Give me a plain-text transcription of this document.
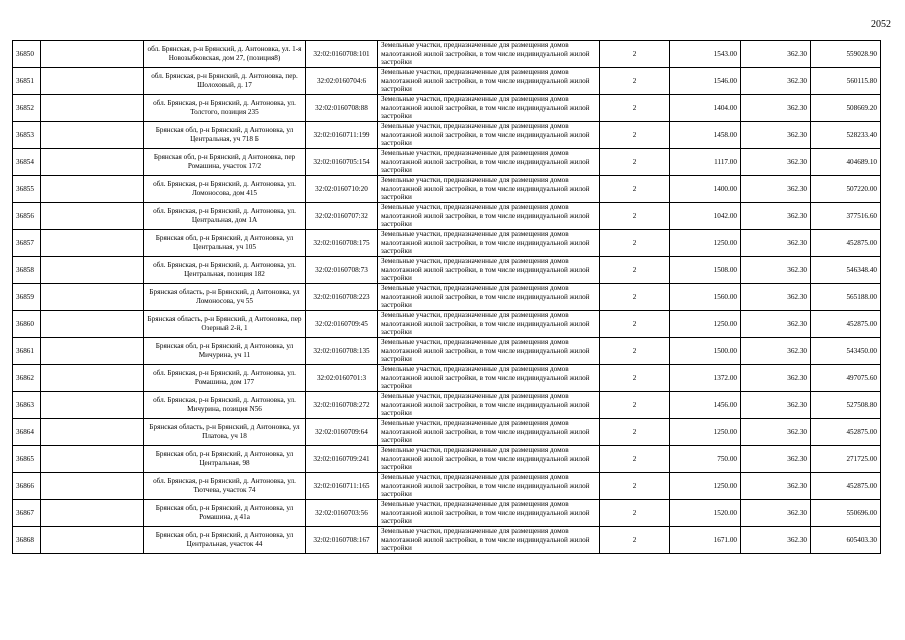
2052
36850		обл. Брянская, р-н Брянский, д. Антоновка, ул. 1-я Новозыбковская, дом 27, (позиция8)	32:02:0160708:101	Земельные участки, предназначенные для размещения домов малоэтажной жилой застройки, в том числе индивидуальной жилой застройки	2	1543.00	362.30	559028.90
36851		обл. Брянская, р-н Брянский, д. Антоновка, пер. Шолоховый, д. 17	32:02:0160704:6	Земельные участки, предназначенные для размещения домов малоэтажной жилой застройки, в том числе индивидуальной жилой застройки	2	1546.00	362.30	560115.80
36852		обл. Брянская, р-н Брянский, д. Антоновка, ул. Толстого, позиция 235	32:02:0160708:88	Земельные участки, предназначенные для размещения домов малоэтажной жилой застройки, в том числе индивидуальной жилой застройки	2	1404.00	362.30	508669.20
36853		Брянская обл, р-н Брянский, д Антоновка, ул Центральная, уч 718 Б	32:02:0160711:199	Земельные участки, предназначенные для размещения домов малоэтажной жилой застройки, в том числе индивидуальной жилой застройки	2	1458.00	362.30	528233.40
36854		Брянская обл, р-н Брянский, д Антоновка, пер Ромашина, участок 17/2	32:02:0160705:154	Земельные участки, предназначенные для размещения домов малоэтажной жилой застройки, в том числе индивидуальной жилой застройки	2	1117.00	362.30	404689.10
36855		обл. Брянская, р-н Брянский, д. Антоновка, ул. Ломоносова, дом 415	32:02:0160710:20	Земельные участки, предназначенные для размещения домов малоэтажной жилой застройки, в том числе индивидуальной жилой застройки	2	1400.00	362.30	507220.00
36856		обл. Брянская, р-н Брянский, д. Антоновка, ул. Центральная, дом 1А	32:02:0160707:32	Земельные участки, предназначенные для размещения домов малоэтажной жилой застройки, в том числе индивидуальной жилой застройки	2	1042.00	362.30	377516.60
36857		Брянская обл, р-н Брянский, д Антоновка, ул Центральная, уч 105	32:02:0160708:175	Земельные участки, предназначенные для размещения домов малоэтажной жилой застройки, в том числе индивидуальной жилой застройки	2	1250.00	362.30	452875.00
36858		обл. Брянская, р-н Брянский, д. Антоновка, ул. Центральная, позиция 182	32:02:0160708:73	Земельные участки, предназначенные для размещения домов малоэтажной жилой застройки, в том числе индивидуальной жилой застройки	2	1508.00	362.30	546348.40
36859		Брянская область, р-н Брянский, д Антоновка, ул Ломоносова, уч 55	32:02:0160708:223	Земельные участки, предназначенные для размещения домов малоэтажной жилой застройки, в том числе индивидуальной жилой застройки	2	1560.00	362.30	565188.00
36860		Брянская область, р-н Брянский, д Антоновка, пер Озерный 2-й, 1	32:02:0160709:45	Земельные участки, предназначенные для размещения домов малоэтажной жилой застройки, в том числе индивидуальной жилой застройки	2	1250.00	362.30	452875.00
36861		Брянская обл, р-н Брянский, д Антоновка, ул Мичурина, уч 11	32:02:0160708:135	Земельные участки, предназначенные для размещения домов малоэтажной жилой застройки, в том числе индивидуальной жилой застройки	2	1500.00	362.30	543450.00
36862		обл. Брянская, р-н Брянский, д. Антоновка, ул. Ромашина, дом 177	32:02:0160701:3	Земельные участки, предназначенные для размещения домов малоэтажной жилой застройки, в том числе индивидуальной жилой застройки	2	1372.00	362.30	497075.60
36863		обл. Брянская, р-н Брянский, д. Антоновка, ул. Мичурина, позиция N56	32:02:0160708:272	Земельные участки, предназначенные для размещения домов малоэтажной жилой застройки, в том числе индивидуальной жилой застройки	2	1456.00	362.30	527508.80
36864		Брянская область, р-н Брянский, д Антоновка, ул Платова, уч 18	32:02:0160709:64	Земельные участки, предназначенные для размещения домов малоэтажной жилой застройки, в том числе индивидуальной жилой застройки	2	1250.00	362.30	452875.00
36865		Брянская обл, р-н Брянский, д Антоновка, ул Центральная, 98	32:02:0160709:241	Земельные участки, предназначенные для размещения домов малоэтажной жилой застройки, в том числе индивидуальной жилой застройки	2	750.00	362.30	271725.00
36866		обл. Брянская, р-н Брянский, д. Антоновка, ул. Тютчева, участок 74	32:02:0160711:165	Земельные участки, предназначенные для размещения домов малоэтажной жилой застройки, в том числе индивидуальной жилой застройки	2	1250.00	362.30	452875.00
36867		Брянская обл, р-н Брянский, д Антоновка, ул Ромашина, д 41а	32:02:0160703:56	Земельные участки, предназначенные для размещения домов малоэтажной жилой застройки, в том числе индивидуальной жилой застройки	2	1520.00	362.30	550696.00
36868		Брянская обл, р-н Брянский, д Антоновка, ул Центральная, участок 44	32:02:0160708:167	Земельные участки, предназначенные для размещения домов малоэтажной жилой застройки, в том числе индивидуальной жилой застройки	2	1671.00	362.30	605403.30
